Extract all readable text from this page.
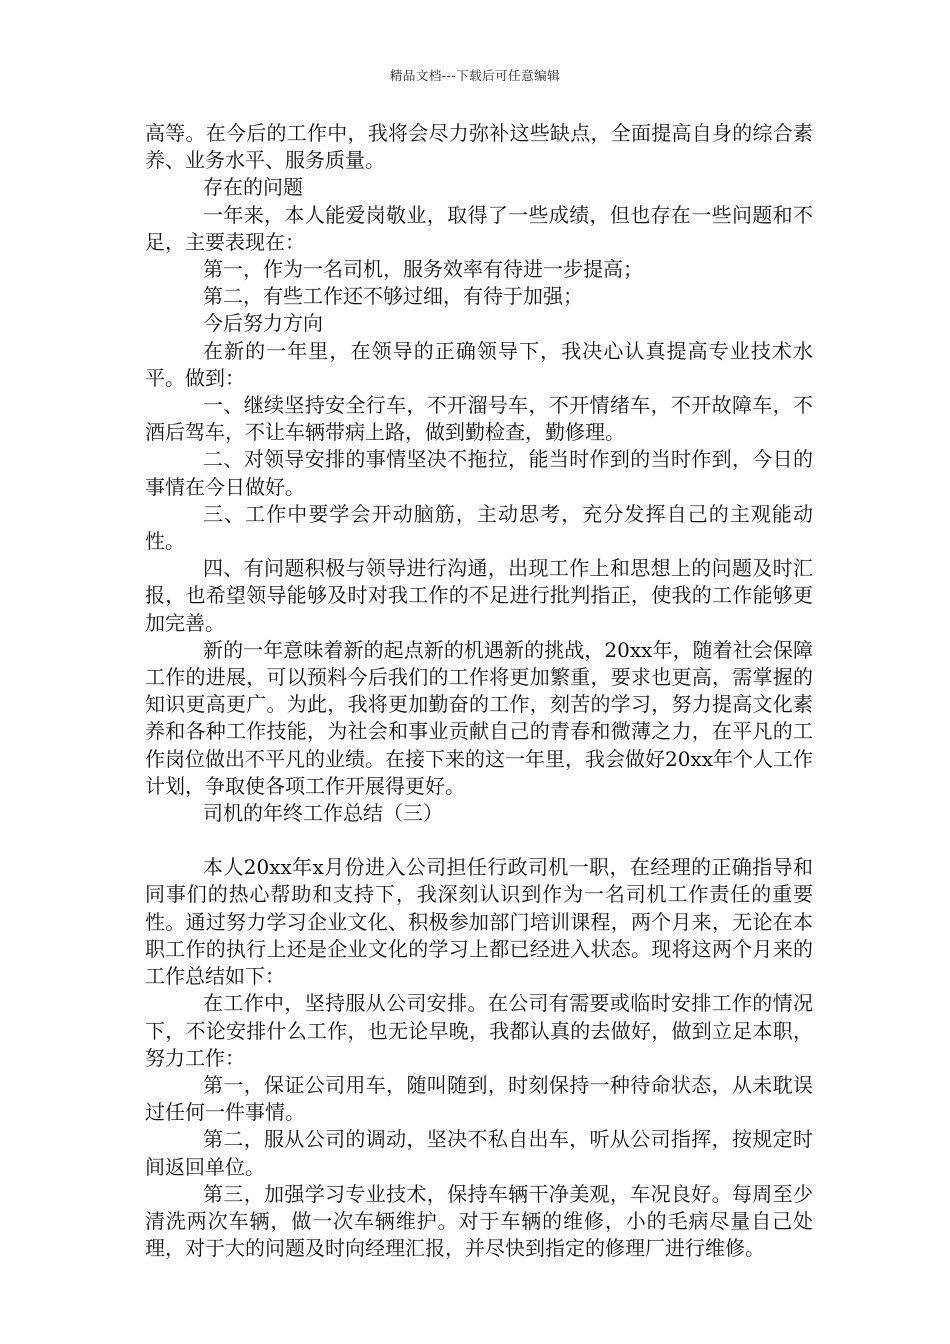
精品文档---下载后可任意编辑

高等。在今后的工作中，我将会尽力弥补这些缺点，全面提高自身的综合素养、业务水平、服务质量。

存在的问题

一年来，本人能爱岗敬业，取得了一些成绩，但也存在一些问题和不足，主要表现在：

第一，作为一名司机，服务效率有待进一步提高；

第二，有些工作还不够过细，有待于加强；

今后努力方向

在新的一年里，在领导的正确领导下，我决心认真提高专业技术水平。做到：

一、继续坚持安全行车，不开溜号车，不开情绪车，不开故障车，不酒后驾车，不让车辆带病上路，做到勤检查，勤修理。

二、对领导安排的事情坚决不拖拉，能当时作到的当时作到，今日的事情在今日做好。

三、工作中要学会开动脑筋，主动思考，充分发挥自己的主观能动性。

四、有问题积极与领导进行沟通，出现工作上和思想上的问题及时汇报，也希望领导能够及时对我工作的不足进行批判指正，使我的工作能够更加完善。

新的一年意味着新的起点新的机遇新的挑战，20xx年，随着社会保障工作的进展，可以预料今后我们的工作将更加繁重，要求也更高，需掌握的知识更高更广。为此，我将更加勤奋的工作，刻苦的学习，努力提高文化素养和各种工作技能，为社会和事业贡献自己的青春和微薄之力，在平凡的工作岗位做出不平凡的业绩。在接下来的这一年里，我会做好20xx年个人工作计划，争取使各项工作开展得更好。

司机的年终工作总结（三）

本人20xx年x月份进入公司担任行政司机一职，在经理的正确指导和同事们的热心帮助和支持下，我深刻认识到作为一名司机工作责任的重要性。通过努力学习企业文化、积极参加部门培训课程，两个月来，无论在本职工作的执行上还是企业文化的学习上都已经进入状态。现将这两个月来的工作总结如下：

在工作中，坚持服从公司安排。在公司有需要或临时安排工作的情况下，不论安排什么工作，也无论早晚，我都认真的去做好，做到立足本职，努力工作：

第一，保证公司用车，随叫随到，时刻保持一种待命状态，从未耽误过任何一件事情。

第二，服从公司的调动，坚决不私自出车，听从公司指挥，按规定时间返回单位。

第三，加强学习专业技术，保持车辆干净美观，车况良好。每周至少清洗两次车辆，做一次车辆维护。对于车辆的维修，小的毛病尽量自己处理，对于大的问题及时向经理汇报，并尽快到指定的修理厂进行维修。
